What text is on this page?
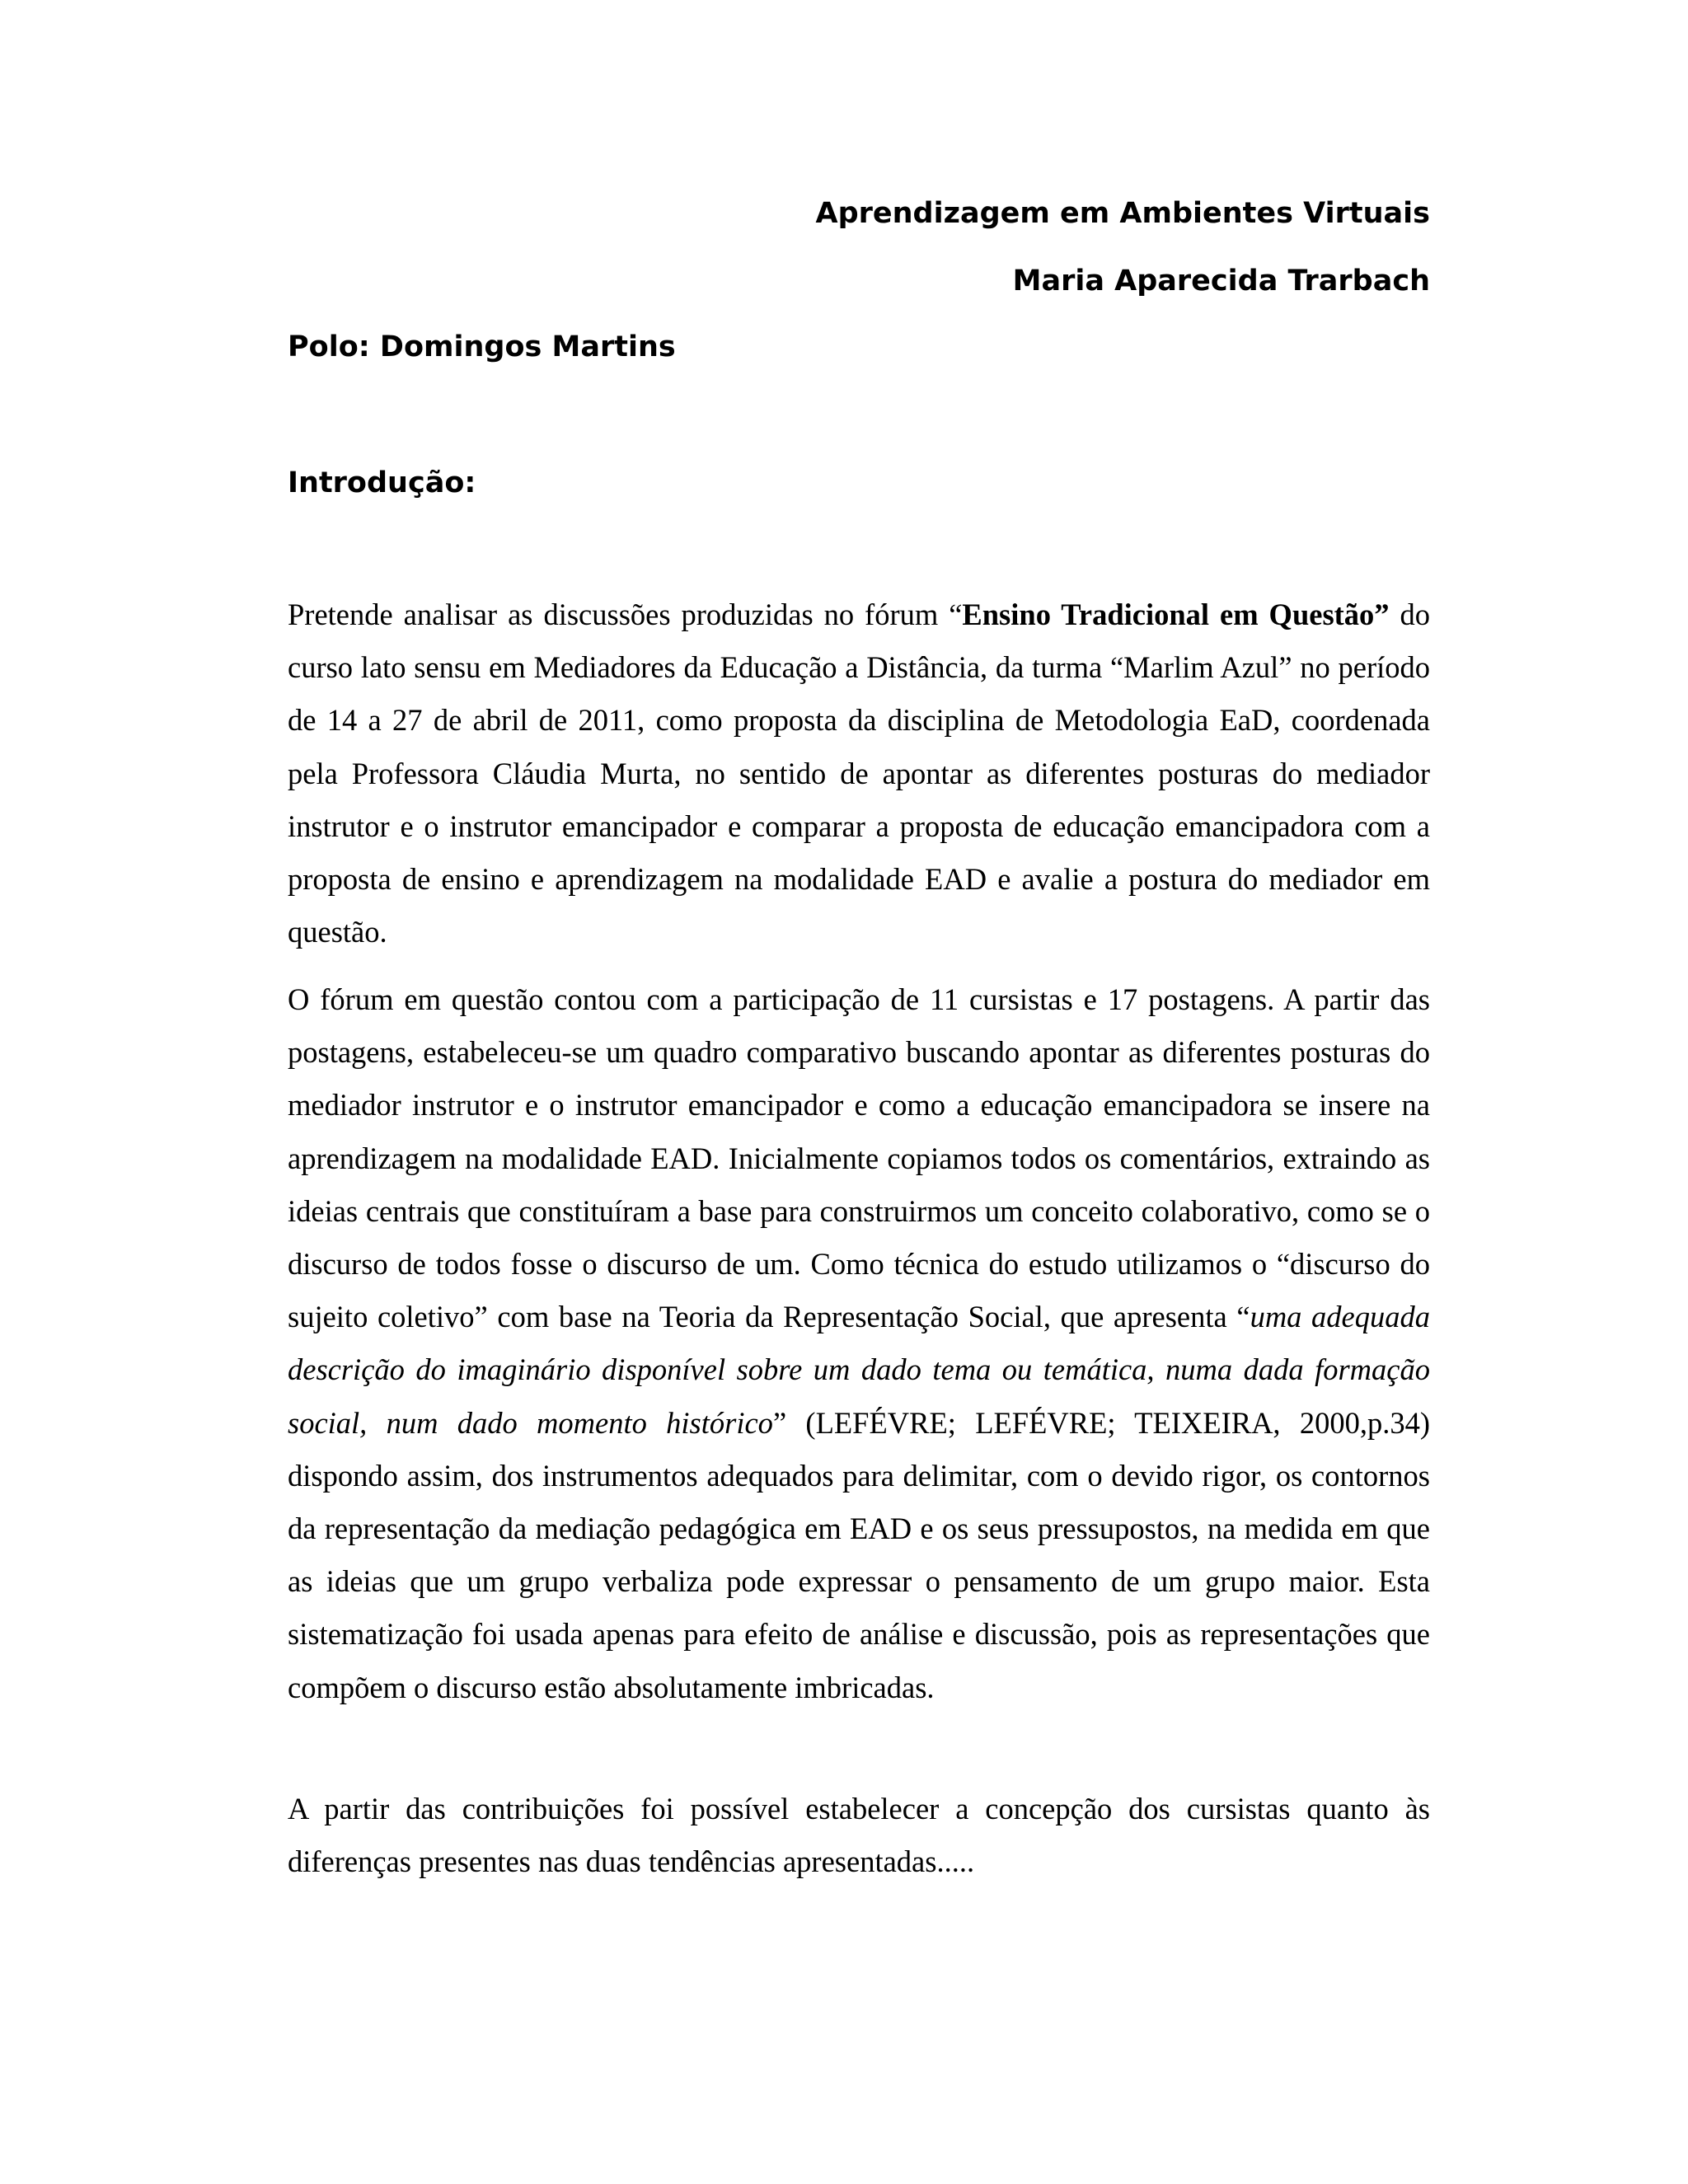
Aprendizagem em Ambientes Virtuais

Maria Aparecida Trarbach

Polo: Domingos Martins

Introdução:

Pretende analisar as discussões produzidas no fórum “Ensino Tradicional em Questão” do curso lato sensu em Mediadores da Educação a Distância, da turma “Marlim Azul” no período de 14 a 27 de abril de 2011, como proposta da disciplina de Metodologia EaD, coordenada pela Professora Cláudia Murta, no sentido de apontar as diferentes posturas do mediador instrutor e o instrutor emancipador e comparar a proposta de educação emancipadora com a proposta de ensino e aprendizagem na modalidade EAD e avalie a postura do mediador em questão.

O fórum em questão contou com a participação de 11 cursistas e 17 postagens. A partir das postagens, estabeleceu-se um quadro comparativo buscando apontar as diferentes posturas do mediador instrutor e o instrutor emancipador e como a educação emancipadora se insere na aprendizagem na modalidade EAD. Inicialmente copiamos todos os comentários, extraindo as ideias centrais que constituíram a base para construirmos um conceito colaborativo, como se o discurso de todos fosse o discurso de um. Como técnica do estudo utilizamos o “discurso do sujeito coletivo” com base na Teoria da Representação Social, que apresenta “uma adequada descrição do imaginário disponível sobre um dado tema ou temática, numa dada formação social, num dado momento histórico” (LEFÉVRE; LEFÉVRE; TEIXEIRA, 2000,p.34) dispondo assim, dos instrumentos adequados para delimitar, com o devido rigor, os contornos da representação da mediação pedagógica em EAD e os seus pressupostos, na medida em que as ideias que um grupo verbaliza pode expressar o pensamento de um grupo maior. Esta sistematização foi usada apenas para efeito de análise e discussão, pois as representações que compõem o discurso estão absolutamente imbricadas.

A partir das contribuições foi possível estabelecer a concepção dos cursistas quanto às diferenças presentes nas duas tendências apresentadas.....
